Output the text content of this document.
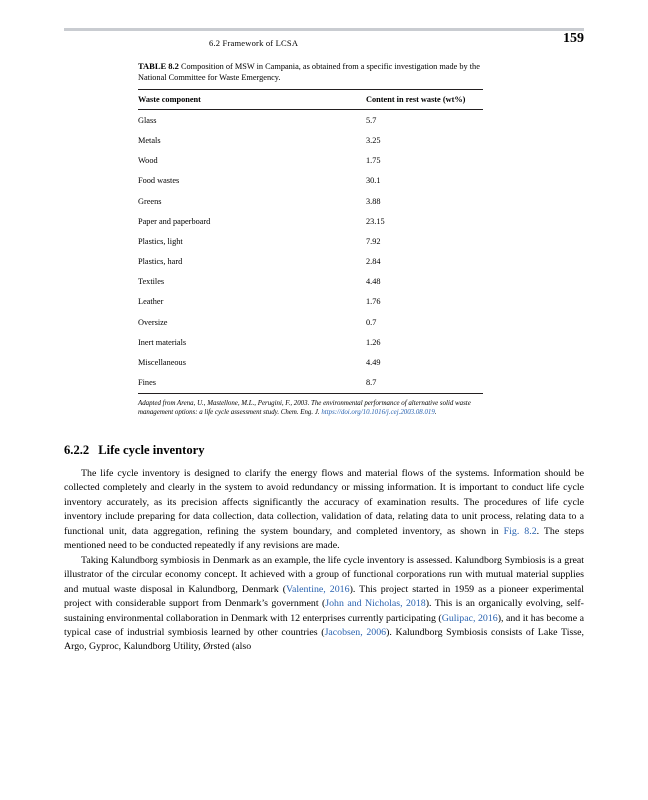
6.2 Framework of LCSA	159
TABLE 8.2 Composition of MSW in Campania, as obtained from a specific investigation made by the National Committee for Waste Emergency.
Waste component	Content in rest waste (wt%)
Glass	5.7
Metals	3.25
Wood	1.75
Food wastes	30.1
Greens	3.88
Paper and paperboard	23.15
Plastics, light	7.92
Plastics, hard	2.84
Textiles	4.48
Leather	1.76
Oversize	0.7
Inert materials	1.26
Miscellaneous	4.49
Fines	8.7
Adapted from Arena, U., Mastellone, M.L., Perugini, F., 2003. The environmental performance of alternative solid waste management options: a life cycle assessment study. Chem. Eng. J. https://doi.org/10.1016/j.cej.2003.08.019.
6.2.2 Life cycle inventory

The life cycle inventory is designed to clarify the energy flows and material flows of the systems. Information should be collected completely and clearly in the system to avoid redundancy or missing information. It is important to conduct life cycle inventory accurately, as its precision affects significantly the accuracy of examination results. The procedures of life cycle inventory include preparing for data collection, data collection, validation of data, relating data to unit process, relating data to a functional unit, data aggregation, refining the system boundary, and completed inventory, as shown in Fig. 8.2. The steps mentioned need to be conducted repeatedly if any revisions are made.

Taking Kalundborg symbiosis in Denmark as an example, the life cycle inventory is assessed. Kalundborg Symbiosis is a great illustrator of the circular economy concept. It achieved with a group of functional corporations run with mutual material supplies and mutual waste disposal in Kalundborg, Denmark (Valentine, 2016). This project started in 1959 as a pioneer experimental project with considerable support from Denmark’s government (John and Nicholas, 2018). This is an organically evolving, self-sustaining environmental collaboration in Denmark with 12 enterprises currently participating (Gulipac, 2016), and it has become a typical case of industrial symbiosis learned by other countries (Jacobsen, 2006). Kalundborg Symbiosis consists of Lake Tisse, Argo, Gyproc, Kalundborg Utility, Ørsted (also
